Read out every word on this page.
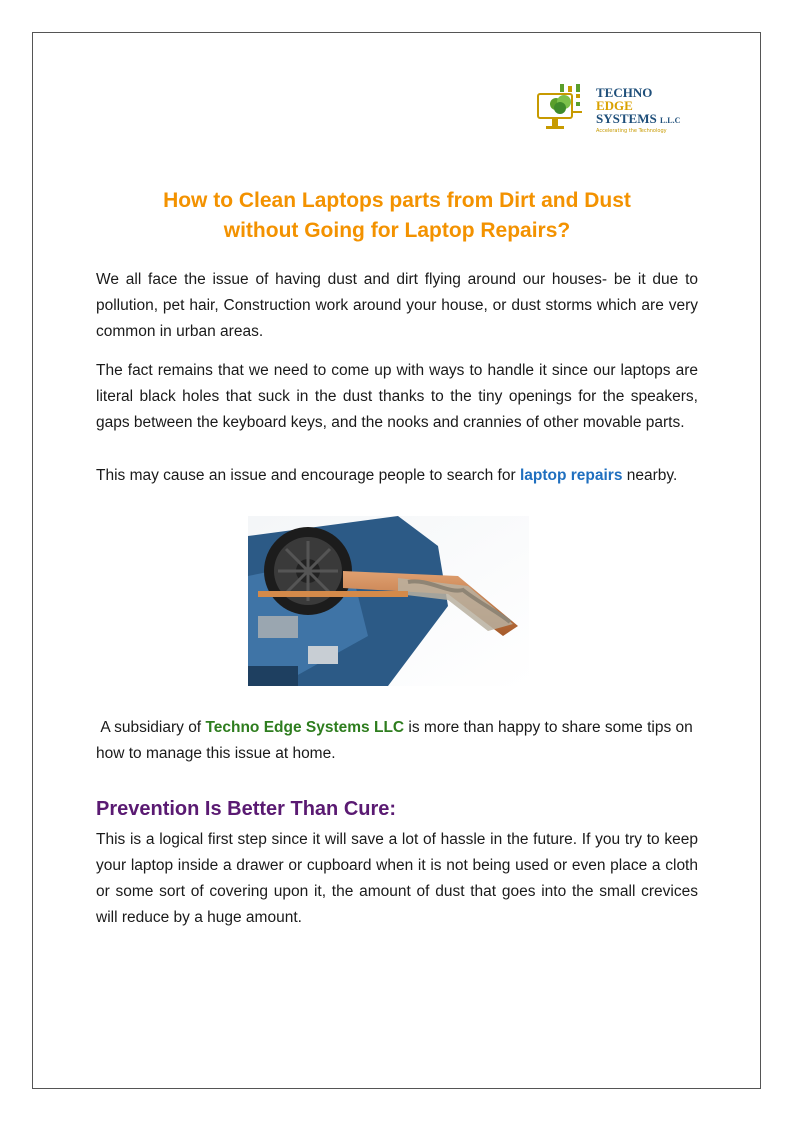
TECHNO
EDGE
SYSTEMS L.L.C
Accelerating the Technology
How to Clean Laptops parts from Dirt and Dust
without Going for Laptop Repairs?

We all face the issue of having dust and dirt flying around our houses- be it due to pollution, pet hair, Construction work around your house, or dust storms which are very common in urban areas.

The fact remains that we need to come up with ways to handle it since our laptops are literal black holes that suck in the dust thanks to the tiny openings for the speakers, gaps between the keyboard keys, and the nooks and crannies of other movable parts.

This may cause an issue and encourage people to search for laptop repairs nearby.

A subsidiary of Techno Edge Systems LLC is more than happy to share some tips on how to manage this issue at home.

Prevention Is Better Than Cure:

This is a logical first step since it will save a lot of hassle in the future. If you try to keep your laptop inside a drawer or cupboard when it is not being used or even place a cloth or some sort of covering upon it, the amount of dust that goes into the small crevices will reduce by a huge amount.
